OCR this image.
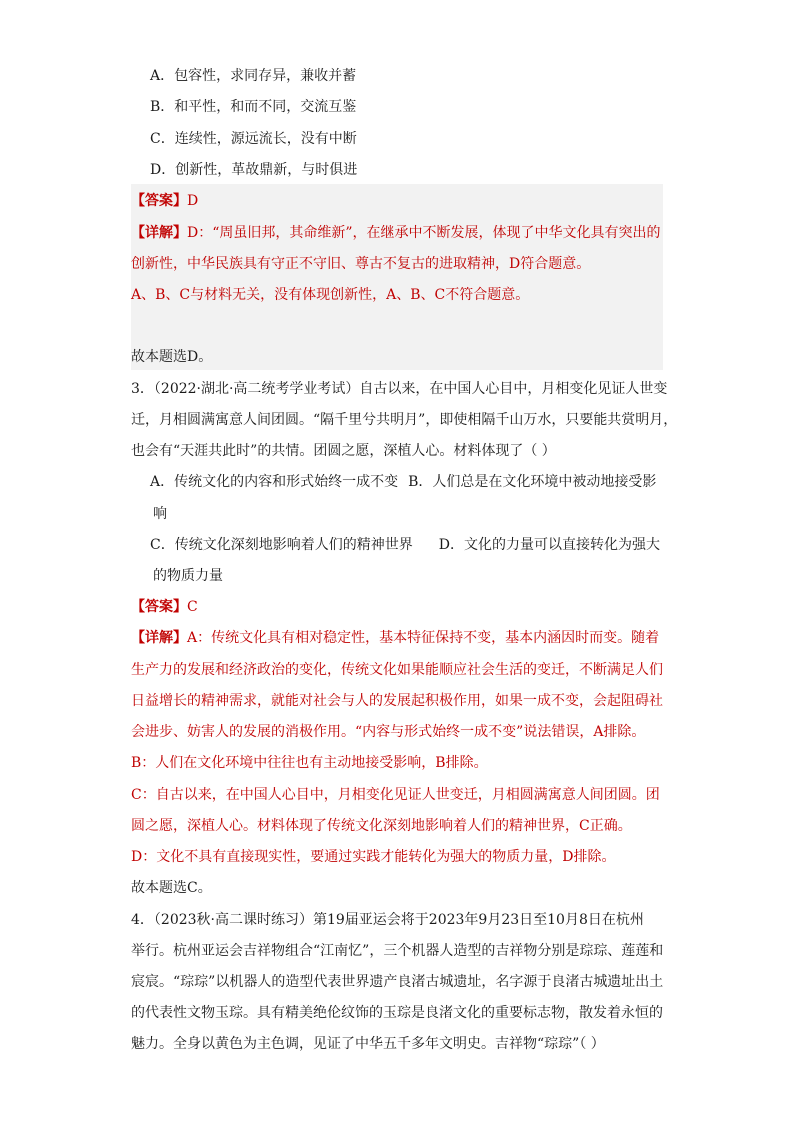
A．包容性，求同存异，兼收并蓄
B．和平性，和而不同，交流互鉴
C．连续性，源远流长，没有中断
D．创新性，革故鼎新，与时俱进
【答案】D
【详解】D：“周虽旧邦，其命维新”，在继承中不断发展，体现了中华文化具有突出的
创新性，中华民族具有守正不守旧、尊古不复古的进取精神，D符合题意。
A、B、C与材料无关，没有体现创新性，A、B、C不符合题意。
故本题选D。
3．（2022·湖北·高二统考学业考试）自古以来，在中国人心目中，月相变化见证人世变
迁，月相圆满寓意人间团圆。“隔千里兮共明月”，即使相隔千山万水，只要能共赏明月，
也会有“天涯共此时”的共情。团圆之愿，深植人心。材料体现了（ ）
A．传统文化的内容和形式始终一成不变 B．人们总是在文化环境中被动地接受影
响
C．传统文化深刻地影响着人们的精神世界 D．文化的力量可以直接转化为强大
的物质力量
【答案】C
【详解】A：传统文化具有相对稳定性，基本特征保持不变，基本内涵因时而变。随着
生产力的发展和经济政治的变化，传统文化如果能顺应社会生活的变迁，不断满足人们
日益增长的精神需求，就能对社会与人的发展起积极作用，如果一成不变，会起阻碍社
会进步、妨害人的发展的消极作用。“内容与形式始终一成不变”说法错误，A排除。
B：人们在文化环境中往往也有主动地接受影响，B排除。
C：自古以来，在中国人心目中，月相变化见证人世变迁，月相圆满寓意人间团圆。团
圆之愿，深植人心。材料体现了传统文化深刻地影响着人们的精神世界，C正确。
D：文化不具有直接现实性，要通过实践才能转化为强大的物质力量，D排除。
故本题选C。
4．（2023秋·高二课时练习）第19届亚运会将于2023年9月23日至10月8日在杭州
举行。杭州亚运会吉祥物组合“江南忆”，三个机器人造型的吉祥物分别是琮琮、莲莲和
宸宸。“琮琮”以机器人的造型代表世界遗产良渚古城遗址，名字源于良渚古城遗址出土
的代表性文物玉琮。具有精美绝伦纹饰的玉琮是良渚文化的重要标志物，散发着永恒的
魅力。全身以黄色为主色调，见证了中华五千多年文明史。吉祥物“琮琮”（ ）
